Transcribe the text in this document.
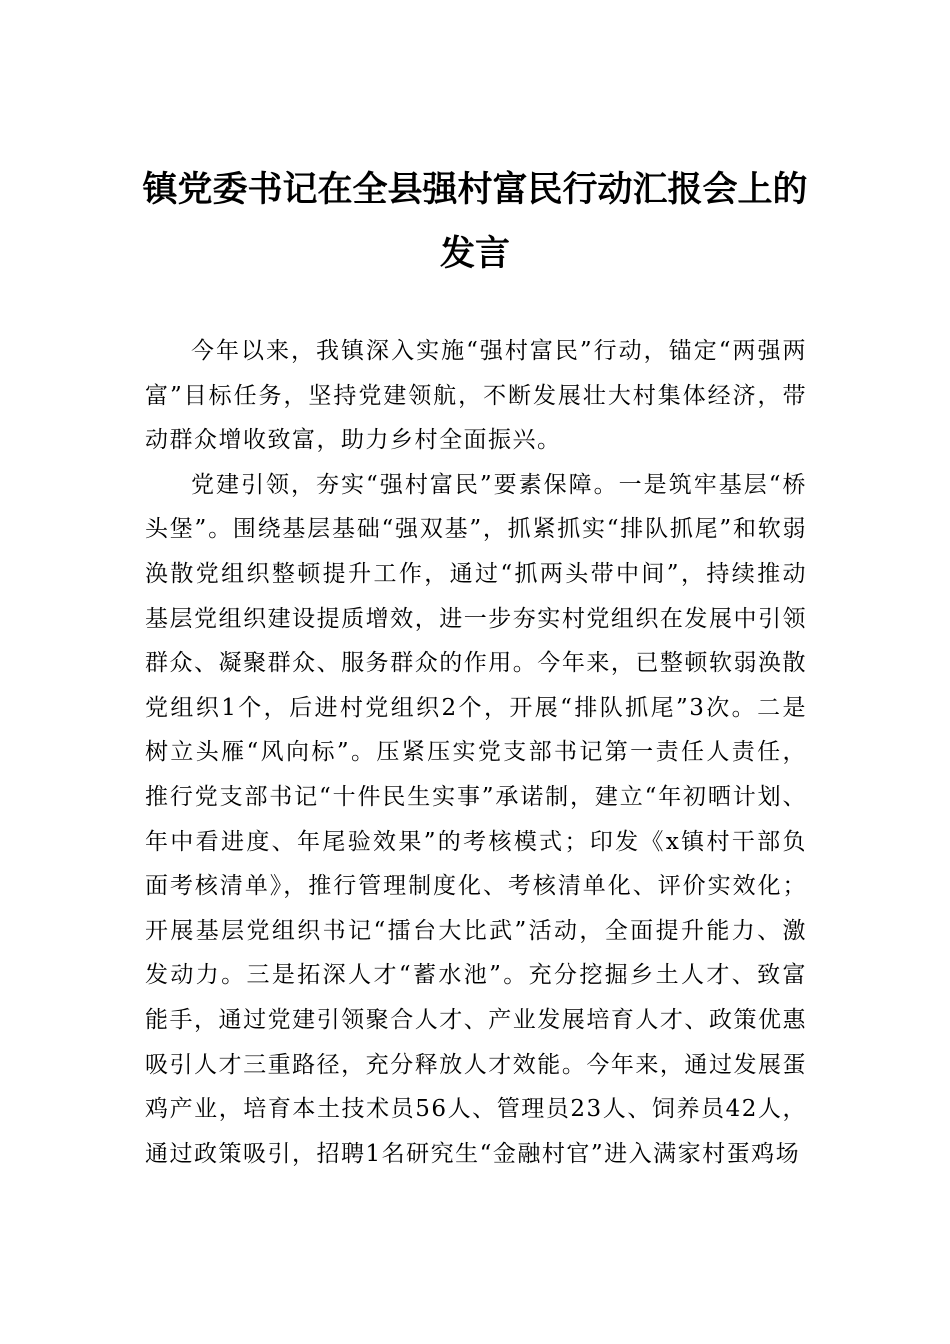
镇党委书记在全县强村富民行动汇报会上的发言

今年以来，我镇深入实施“强村富民”行动，锚定“两强两富”目标任务，坚持党建领航，不断发展壮大村集体经济，带动群众增收致富，助力乡村全面振兴。

党建引领，夯实“强村富民”要素保障。一是筑牢基层“桥头堡”。围绕基层基础“强双基”，抓紧抓实“排队抓尾”和软弱涣散党组织整顿提升工作，通过“抓两头带中间”，持续推动基层党组织建设提质增效，进一步夯实村党组织在发展中引领群众、凝聚群众、服务群众的作用。今年来，已整顿软弱涣散党组织1个，后进村党组织2个，开展“排队抓尾”3次。二是树立头雁“风向标”。压紧压实党支部书记第一责任人责任，推行党支部书记“十件民生实事”承诺制，建立“年初晒计划、年中看进度、年尾验效果”的考核模式；印发《x镇村干部负面考核清单》，推行管理制度化、考核清单化、评价实效化；开展基层党组织书记“擂台大比武”活动，全面提升能力、激发动力。三是拓深人才“蓄水池”。充分挖掘乡土人才、致富能手，通过党建引领聚合人才、产业发展培育人才、政策优惠吸引人才三重路径，充分释放人才效能。今年来，通过发展蛋鸡产业，培育本土技术员56人、管理员23人、饲养员42人，通过政策吸引，招聘1名研究生“金融村官”进入满家村蛋鸡场
